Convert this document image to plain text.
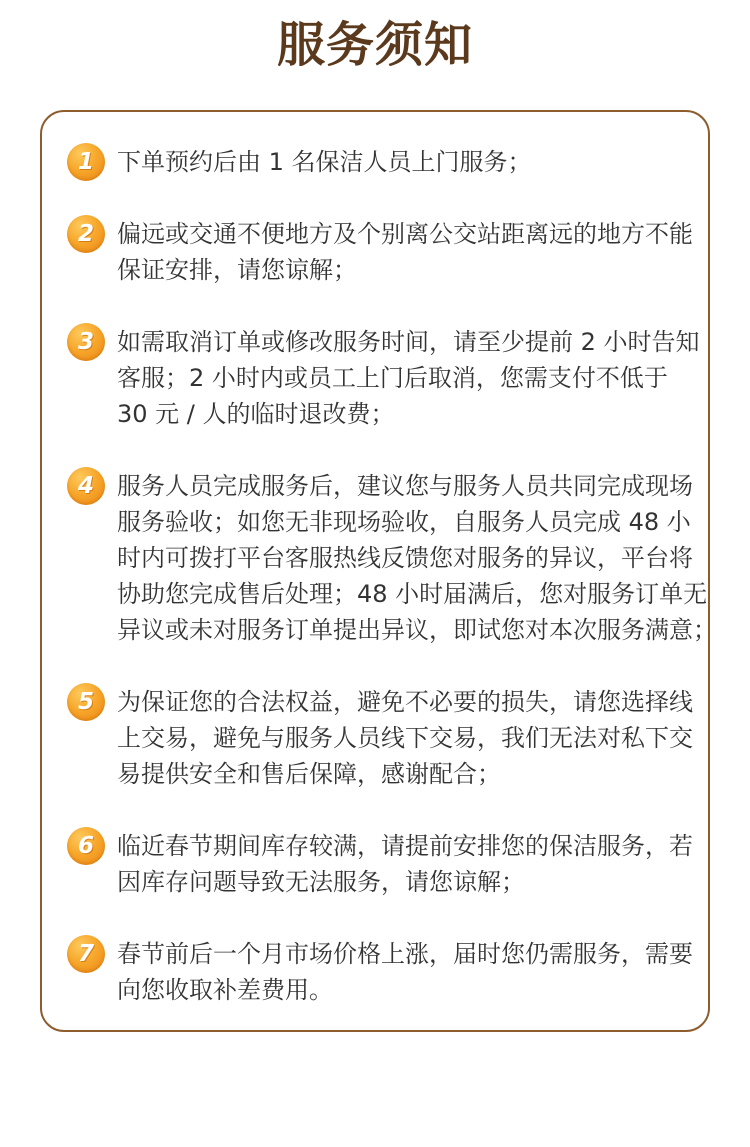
服务须知
1 下单预约后由 1 名保洁人员上门服务；
2 偏远或交通不便地方及个别离公交站距离远的地方不能
保证安排，请您谅解；
3 如需取消订单或修改服务时间，请至少提前 2 小时告知
客服；2 小时内或员工上门后取消，您需支付不低于
30 元 / 人的临时退改费；
4 服务人员完成服务后，建议您与服务人员共同完成现场
服务验收；如您无非现场验收，自服务人员完成 48 小
时内可拨打平台客服热线反馈您对服务的异议，平台将
协助您完成售后处理；48 小时届满后，您对服务订单无
异议或未对服务订单提出异议，即试您对本次服务满意；
5 为保证您的合法权益，避免不必要的损失，请您选择线
上交易，避免与服务人员线下交易，我们无法对私下交
易提供安全和售后保障，感谢配合；
6 临近春节期间库存较满，请提前安排您的保洁服务，若
因库存问题导致无法服务，请您谅解；
7 春节前后一个月市场价格上涨，届时您仍需服务，需要
向您收取补差费用。
